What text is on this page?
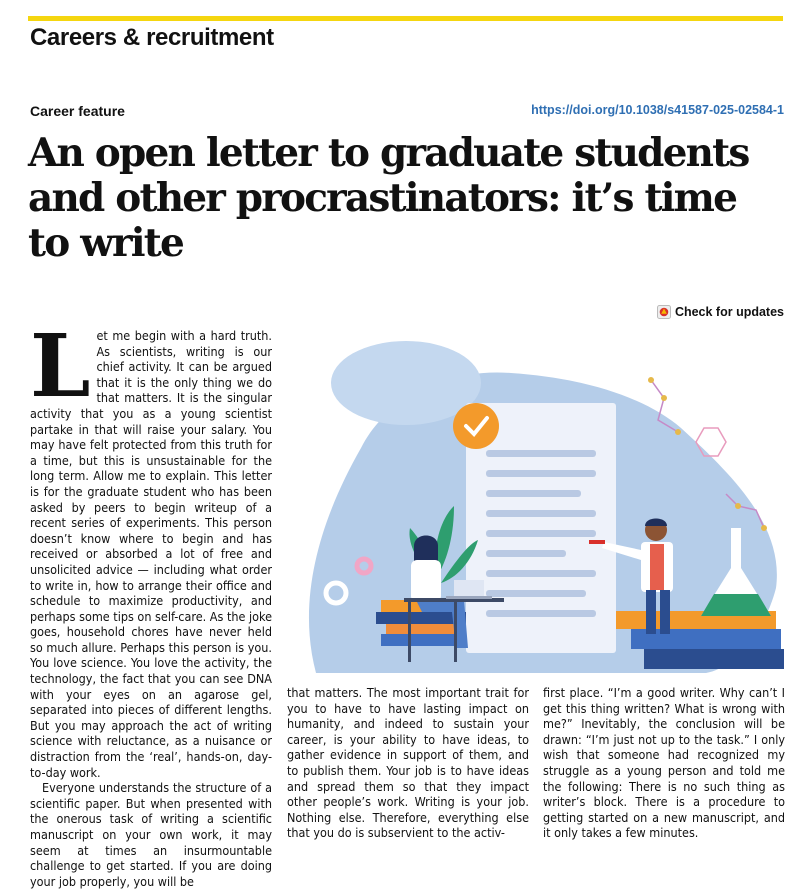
Careers & recruitment
Career feature	https://doi.org/10.1038/s41587-025-02584-1
An open letter to graduate students and other procrastinators: it’s time to write
Check for updates
L et me begin with a hard truth. As scientists, writing is our chief activity. It can be argued that it is the only thing we do that matters. It is the singular activity that you as a young scientist partake in that will raise your salary. You may have felt protected from this truth for a time, but this is unsustainable for the long term. Allow me to explain. This letter is for the graduate student who has been asked by peers to begin writeup of a recent series of experiments. This person doesn’t know where to begin and has received or absorbed a lot of free and unsolicited advice — including what order to write in, how to arrange their office and schedule to maximize productivity, and perhaps some tips on self-care. As the joke goes, household chores have never held so much allure. Perhaps this person is you. You love science. You love the activity, the technology, the fact that you can see DNA with your eyes on an agarose gel, separated into pieces of different lengths. But you may approach the act of writing science with reluctance, as a nuisance or distraction from the ‘real’, hands-on, day-to-day work.

Everyone understands the structure of a scientific paper. But when presented with the onerous task of writing a scientific manuscript on your own work, it may seem at times an insurmountable challenge to get started. If you are doing your job properly, you will be

that matters. The most important trait for you to have to have lasting impact on humanity, and indeed to sustain your career, is your ability to have ideas, to gather evidence in support of them, and to publish them. Your job is to have ideas and spread them so that they impact other people’s work. Writing is your job. Nothing else. Therefore, everything else that you do is subservient to the activ-

first place. “I’m a good writer. Why can’t I get this thing written? What is wrong with me?” Inevitably, the conclusion will be drawn: “I’m just not up to the task.” I only wish that someone had recognized my struggle as a young person and told me the following: There is no such thing as writer’s block. There is a procedure to getting started on a new manuscript, and it only takes a few minutes.
